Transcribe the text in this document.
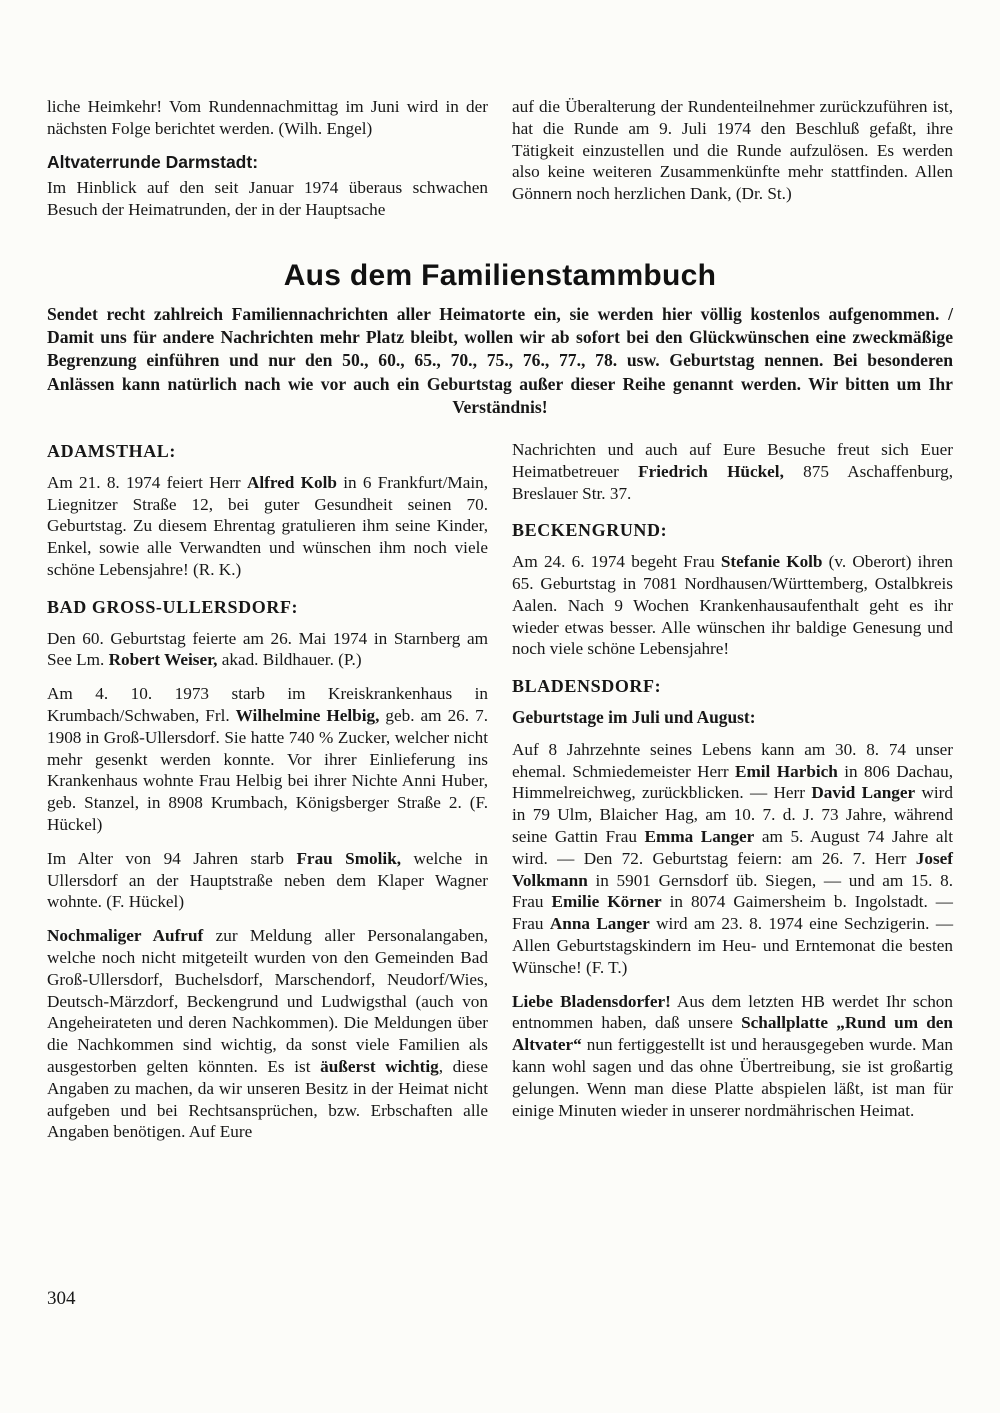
liche Heimkehr! Vom Rundennachmittag im Juni wird in der nächsten Folge berichtet werden. (Wilh. Engel)

Altvaterrunde Darmstadt:

Im Hinblick auf den seit Januar 1974 überaus schwachen Besuch der Heimatrunden, der in der Hauptsache

auf die Überalterung der Rundenteilnehmer zurückzuführen ist, hat die Runde am 9. Juli 1974 den Beschluß gefaßt, ihre Tätigkeit einzustellen und die Runde aufzulösen. Es werden also keine weiteren Zusammenkünfte mehr stattfinden. Allen Gönnern noch herzlichen Dank, (Dr. St.)

Aus dem Familienstammbuch
Sendet recht zahlreich Familiennachrichten aller Heimatorte ein, sie werden hier völlig kostenlos aufgenommen. / Damit uns für andere Nachrichten mehr Platz bleibt, wollen wir ab sofort bei den Glückwünschen eine zweckmäßige Begrenzung einführen und nur den 50., 60., 65., 70., 75., 76., 77., 78. usw. Geburtstag nennen. Bei besonderen Anlässen kann natürlich nach wie vor auch ein Geburtstag außer dieser Reihe genannt werden. Wir bitten um Ihr Verständnis!
ADAMSTHAL:

Am 21. 8. 1974 feiert Herr Alfred Kolb in 6 Frankfurt/Main, Liegnitzer Straße 12, bei guter Gesundheit seinen 70. Geburtstag. Zu diesem Ehrentag gratulieren ihm seine Kinder, Enkel, sowie alle Verwandten und wünschen ihm noch viele schöne Lebensjahre! (R. K.)

BAD GROSS-ULLERSDORF:

Den 60. Geburtstag feierte am 26. Mai 1974 in Starnberg am See Lm. Robert Weiser, akad. Bildhauer. (P.)

Am 4. 10. 1973 starb im Kreiskrankenhaus in Krumbach/Schwaben, Frl. Wilhelmine Helbig, geb. am 26. 7. 1908 in Groß-Ullersdorf. Sie hatte 740 % Zucker, welcher nicht mehr gesenkt werden konnte. Vor ihrer Einlieferung ins Krankenhaus wohnte Frau Helbig bei ihrer Nichte Anni Huber, geb. Stanzel, in 8908 Krumbach, Königsberger Straße 2. (F. Hückel)

Im Alter von 94 Jahren starb Frau Smolik, welche in Ullersdorf an der Hauptstraße neben dem Klaper Wagner wohnte. (F. Hückel)

Nochmaliger Aufruf zur Meldung aller Personalangaben, welche noch nicht mitgeteilt wurden von den Gemeinden Bad Groß-Ullersdorf, Buchelsdorf, Marschendorf, Neudorf/Wies, Deutsch-Märzdorf, Beckengrund und Ludwigsthal (auch von Angeheirateten und deren Nachkommen). Die Meldungen über die Nachkommen sind wichtig, da sonst viele Familien als ausgestorben gelten könnten. Es ist äußerst wichtig, diese Angaben zu machen, da wir unseren Besitz in der Heimat nicht aufgeben und bei Rechtsansprüchen, bzw. Erbschaften alle Angaben benötigen. Auf Eure

Nachrichten und auch auf Eure Besuche freut sich Euer Heimatbetreuer Friedrich Hückel, 875 Aschaffenburg, Breslauer Str. 37.

BECKENGRUND:

Am 24. 6. 1974 begeht Frau Stefanie Kolb (v. Oberort) ihren 65. Geburtstag in 7081 Nordhausen/Württemberg, Ostalbkreis Aalen. Nach 9 Wochen Krankenhausaufenthalt geht es ihr wieder etwas besser. Alle wünschen ihr baldige Genesung und noch viele schöne Lebensjahre!

BLADENSDORF:
Geburtstage im Juli und August:

Auf 8 Jahrzehnte seines Lebens kann am 30. 8. 74 unser ehemal. Schmiedemeister Herr Emil Harbich in 806 Dachau, Himmelreichweg, zurückblicken. — Herr David Langer wird in 79 Ulm, Blaicher Hag, am 10. 7. d. J. 73 Jahre, während seine Gattin Frau Emma Langer am 5. August 74 Jahre alt wird. — Den 72. Geburtstag feiern: am 26. 7. Herr Josef Volkmann in 5901 Gernsdorf üb. Siegen, — und am 15. 8. Frau Emilie Körner in 8074 Gaimersheim b. Ingolstadt. — Frau Anna Langer wird am 23. 8. 1974 eine Sechzigerin. — Allen Geburtstagskindern im Heu- und Erntemonat die besten Wünsche! (F. T.)

Liebe Bladensdorfer! Aus dem letzten HB werdet Ihr schon entnommen haben, daß unsere Schallplatte „Rund um den Altvater“ nun fertiggestellt ist und herausgegeben wurde. Man kann wohl sagen und das ohne Übertreibung, sie ist großartig gelungen. Wenn man diese Platte abspielen läßt, ist man für einige Minuten wieder in unserer nordmährischen Heimat.

304
